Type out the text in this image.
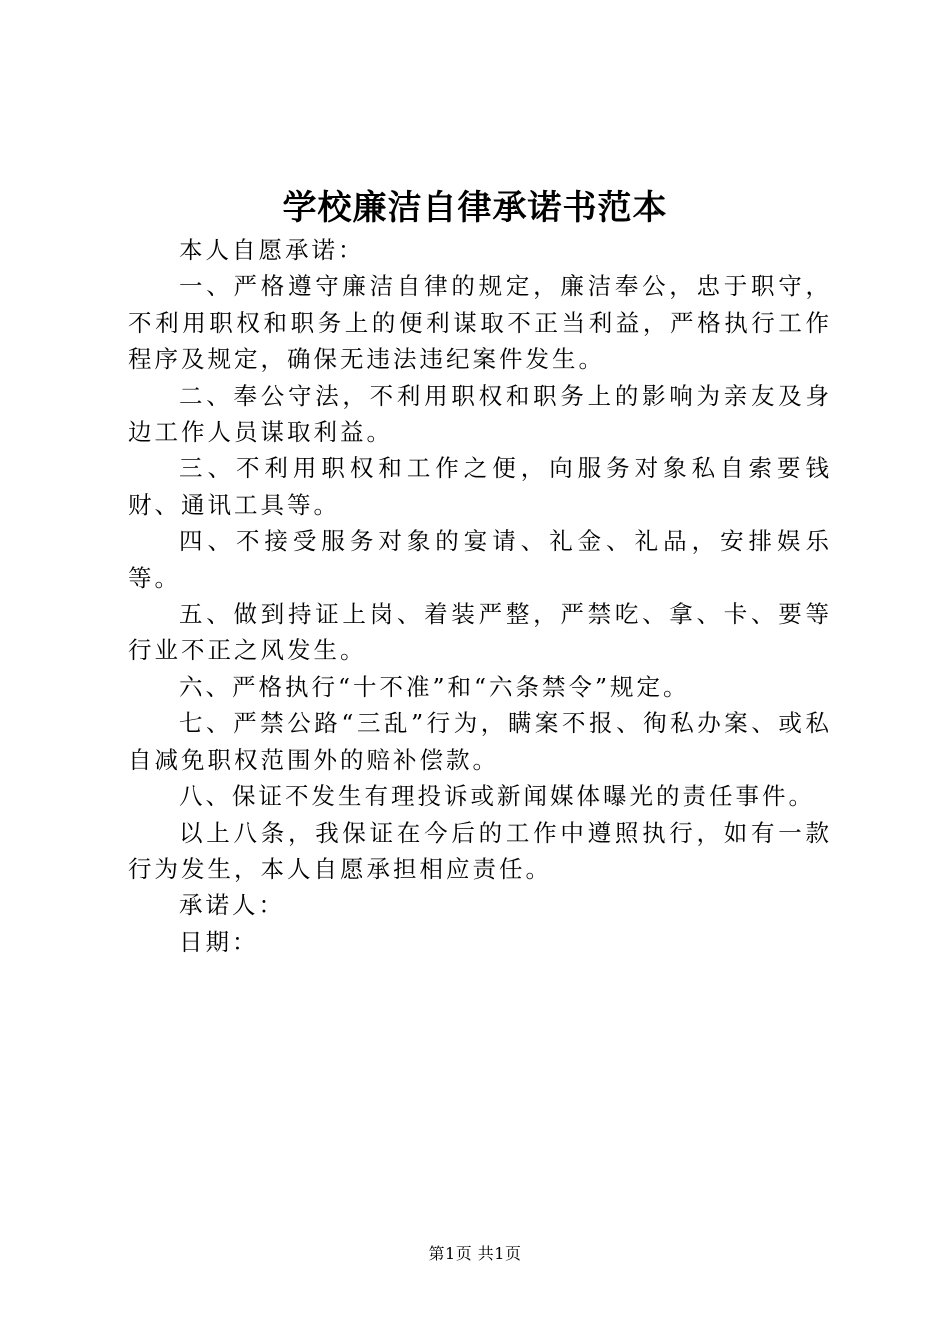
学校廉洁自律承诺书范本

本人自愿承诺：

一、严格遵守廉洁自律的规定，廉洁奉公，忠于职守，不利用职权和职务上的便利谋取不正当利益，严格执行工作程序及规定，确保无违法违纪案件发生。

二、奉公守法，不利用职权和职务上的影响为亲友及身边工作人员谋取利益。

三、不利用职权和工作之便，向服务对象私自索要钱财、通讯工具等。

四、不接受服务对象的宴请、礼金、礼品，安排娱乐等。

五、做到持证上岗、着装严整，严禁吃、拿、卡、要等行业不正之风发生。

六、严格执行“十不准”和“六条禁令”规定。

七、严禁公路“三乱”行为，瞒案不报、徇私办案、或私自减免职权范围外的赔补偿款。

八、保证不发生有理投诉或新闻媒体曝光的责任事件。

以上八条，我保证在今后的工作中遵照执行，如有一款行为发生，本人自愿承担相应责任。

承诺人：

日期：

第1页 共1页
